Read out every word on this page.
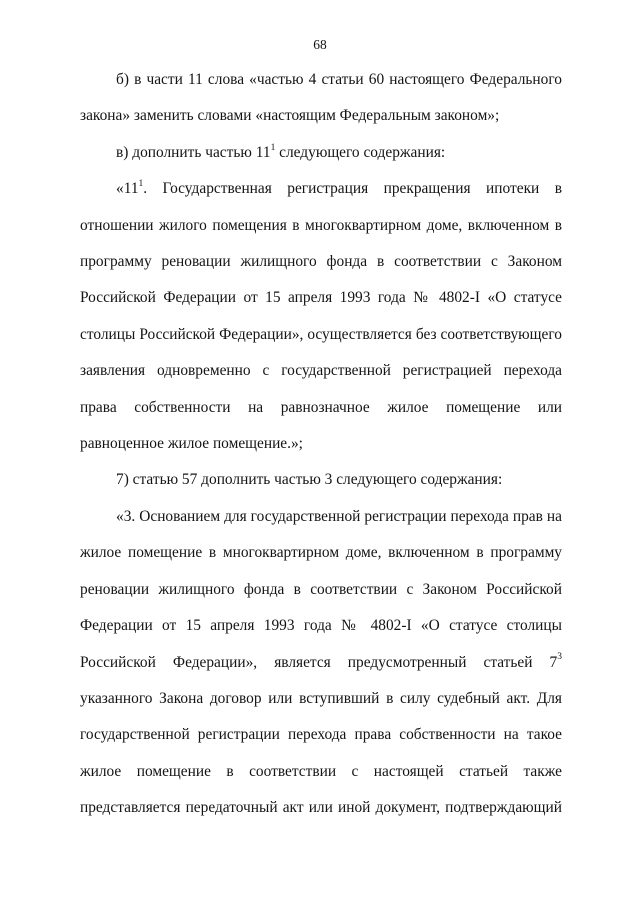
68

б) в части 11 слова «частью 4 статьи 60 настоящего Федерального закона» заменить словами «настоящим Федеральным законом»;

в) дополнить частью $11^1$ следующего содержания:

«$11^1$. Государственная регистрация прекращения ипотеки в отношении жилого помещения в многоквартирном доме, включенном в программу реновации жилищного фонда в соответствии с Законом Российской Федерации от 15 апреля 1993 года № 4802-I «О статусе столицы Российской Федерации», осуществляется без соответствующего заявления одновременно с государственной регистрацией перехода права собственности на равнозначное жилое помещение или равноценное жилое помещение.»;

7) статью 57 дополнить частью 3 следующего содержания:

«3. Основанием для государственной регистрации перехода прав на жилое помещение в многоквартирном доме, включенном в программу реновации жилищного фонда в соответствии с Законом Российской Федерации от 15 апреля 1993 года № 4802-I «О статусе столицы Российской Федерации», является предусмотренный статьей $7^3$ указанного Закона договор или вступивший в силу судебный акт. Для государственной регистрации перехода права собственности на такое жилое помещение в соответствии с настоящей статьей также представляется передаточный акт или иной документ, подтверждающий
